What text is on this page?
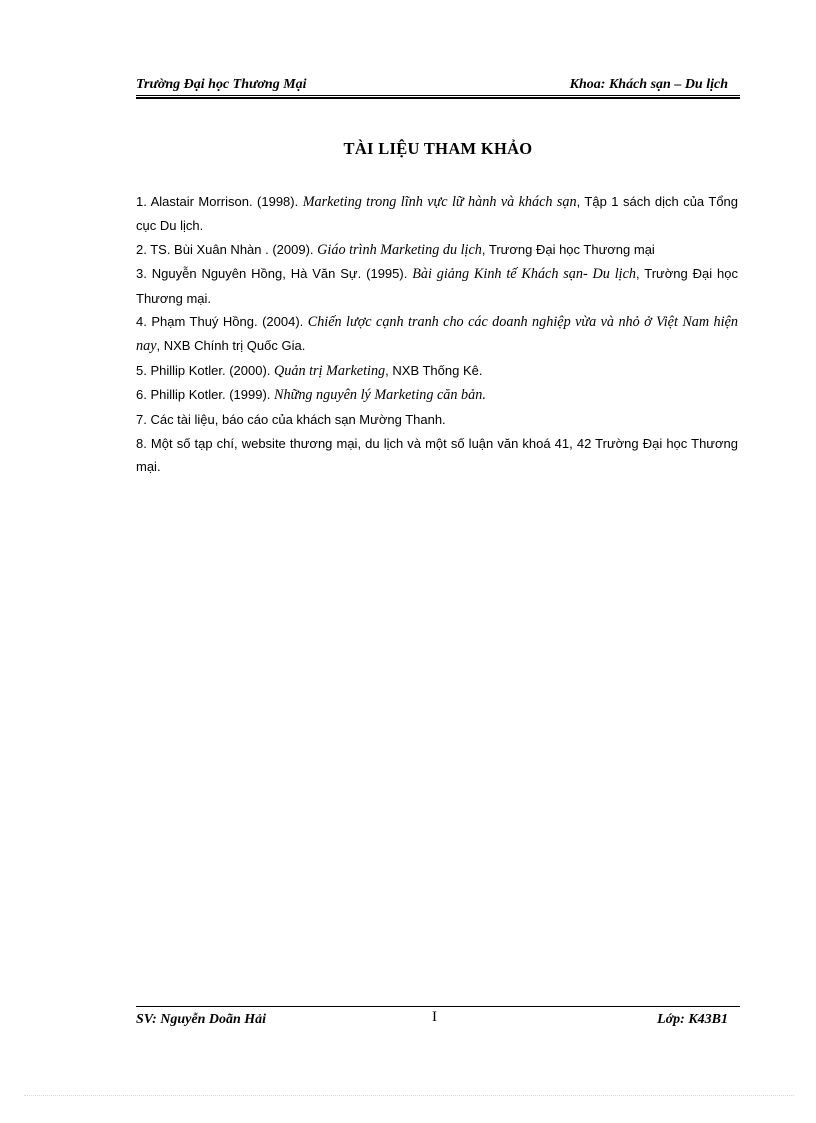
Trường Đại học Thương Mại	Khoa: Khách sạn – Du lịch
TÀI LIỆU THAM KHẢO

1. Alastair Morrison. (1998). Marketing trong lĩnh vực lữ hành và khách sạn, Tập 1 sách dịch của Tổng cục Du lịch.

2. TS. Bùi Xuân Nhàn . (2009). Giáo trình Marketing du lịch, Trương Đại học Thương mại

3. Nguyễn Nguyên Hồng, Hà Văn Sự. (1995). Bài giảng Kinh tế Khách sạn- Du lịch, Trường Đại học Thương mại.

4. Phạm Thuý Hồng. (2004). Chiến lược cạnh tranh cho các doanh nghiệp vừa và nhỏ ở Việt Nam hiện nay, NXB Chính trị Quốc Gia.

5. Phillip Kotler. (2000). Quản trị Marketing, NXB Thống Kê.

6. Phillip Kotler. (1999). Những nguyên lý Marketing căn bản.

7. Các tài liệu, báo cáo của khách sạn Mường Thanh.

8. Một số tạp chí, website thương mại, du lịch và một số luận văn khoá 41, 42 Trường Đại học Thương mại.

SV: Nguyễn Doãn Hải	I	Lớp: K43B1
